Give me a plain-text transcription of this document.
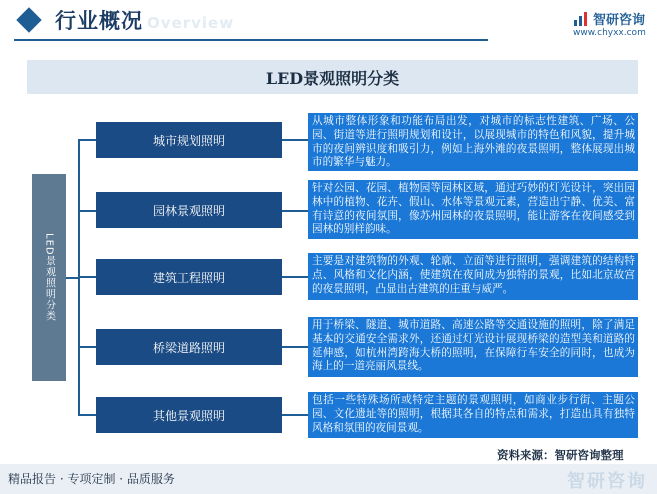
行业概况 Overview	智研咨询
www.chyxx.com
LED景观照明分类
LED景观照明分类
城市规划照明
园林景观照明
建筑工程照明
桥梁道路照明
其他景观照明
从城市整体形象和功能布局出发，对城市的标志性建筑、广场、公园、街道等进行照明规划和设计，以展现城市的特色和风貌，提升城市的夜间辨识度和吸引力，例如上海外滩的夜景照明，整体展现出城市的繁华与魅力。
针对公园、花园、植物园等园林区域，通过巧妙的灯光设计，突出园林中的植物、花卉、假山、水体等景观元素，营造出宁静、优美、富有诗意的夜间氛围，像苏州园林的夜景照明，能让游客在夜间感受到园林的别样韵味。
主要是对建筑物的外观、轮廓、立面等进行照明，强调建筑的结构特点、风格和文化内涵，使建筑在夜间成为独特的景观，比如北京故宫的夜景照明，凸显出古建筑的庄重与威严。
用于桥梁、隧道、城市道路、高速公路等交通设施的照明，除了满足基本的交通安全需求外，还通过灯光设计展现桥梁的造型美和道路的延伸感，如杭州湾跨海大桥的照明，在保障行车安全的同时，也成为海上的一道亮丽风景线。
包括一些特殊场所或特定主题的景观照明，如商业步行街、主题公园、文化遗址等的照明，根据其各自的特点和需求，打造出具有独特风格和氛围的夜间景观。
资料来源：智研咨询整理
精品报告 · 专项定制 · 品质服务	智研咨询
